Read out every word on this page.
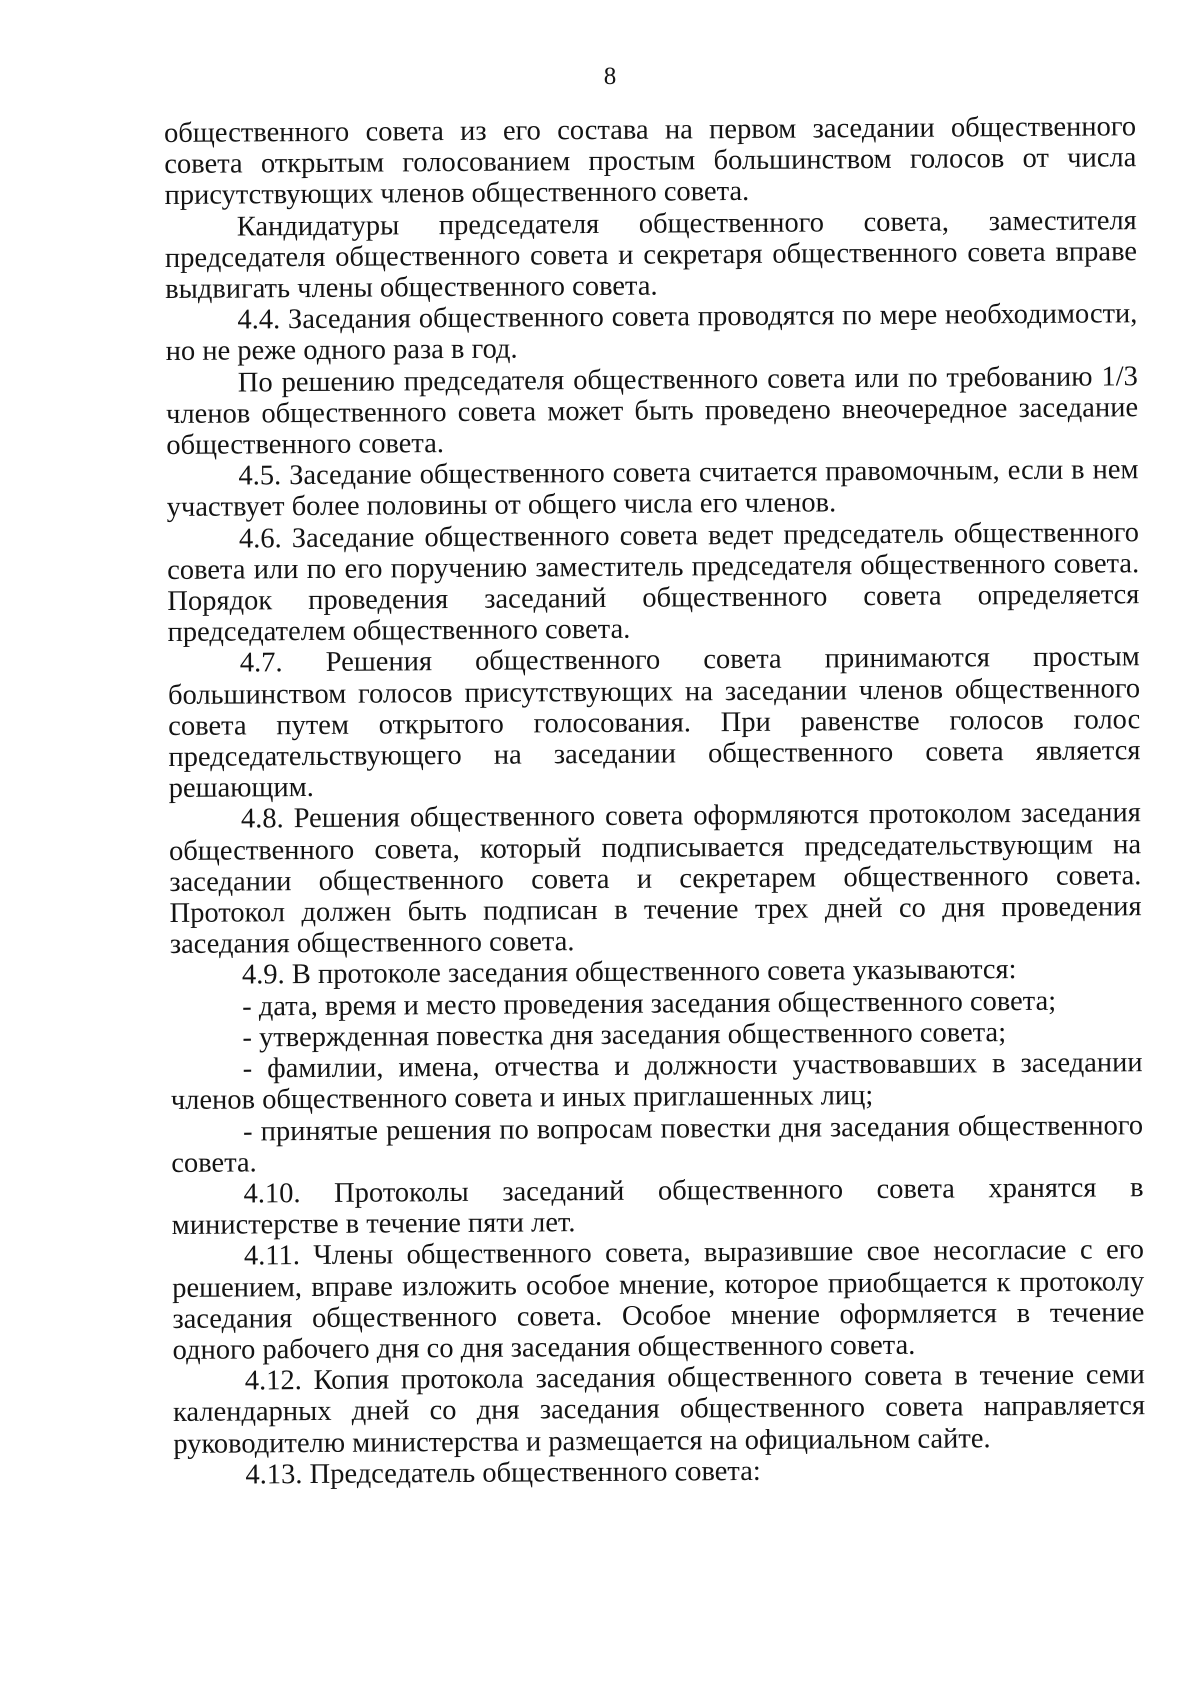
8

общественного совета из его состава на первом заседании общественного совета открытым голосованием простым большинством голосов от числа присутствующих членов общественного совета.

Кандидатуры председателя общественного совета, заместителя председателя общественного совета и секретаря общественного совета вправе выдвигать члены общественного совета.

4.4. Заседания общественного совета проводятся по мере необходимости, но не реже одного раза в год.

По решению председателя общественного совета или по требованию 1/3 членов общественного совета может быть проведено внеочередное заседание общественного совета.

4.5. Заседание общественного совета считается правомочным, если в нем участвует более половины от общего числа его членов.

4.6. Заседание общественного совета ведет председатель общественного совета или по его поручению заместитель председателя общественного совета. Порядок проведения заседаний общественного совета определяется председателем общественного совета.

4.7. Решения общественного совета принимаются простым большинством голосов присутствующих на заседании членов общественного совета путем открытого голосования. При равенстве голосов голос председательствующего на заседании общественного совета является решающим.

4.8. Решения общественного совета оформляются протоколом заседания общественного совета, который подписывается председательствующим на заседании общественного совета и секретарем общественного совета. Протокол должен быть подписан в течение трех дней со дня проведения заседания общественного совета.

4.9. В протоколе заседания общественного совета указываются:

- дата, время и место проведения заседания общественного совета;

- утвержденная повестка дня заседания общественного совета;

- фамилии, имена, отчества и должности участвовавших в заседании членов общественного совета и иных приглашенных лиц;

- принятые решения по вопросам повестки дня заседания общественного совета.

4.10. Протоколы заседаний общественного совета хранятся в министерстве в течение пяти лет.

4.11. Члены общественного совета, выразившие свое несогласие с его решением, вправе изложить особое мнение, которое приобщается к протоколу заседания общественного совета. Особое мнение оформляется в течение одного рабочего дня со дня заседания общественного совета.

4.12. Копия протокола заседания общественного совета в течение семи календарных дней со дня заседания общественного совета направляется руководителю министерства и размещается на официальном сайте.

4.13. Председатель общественного совета:
